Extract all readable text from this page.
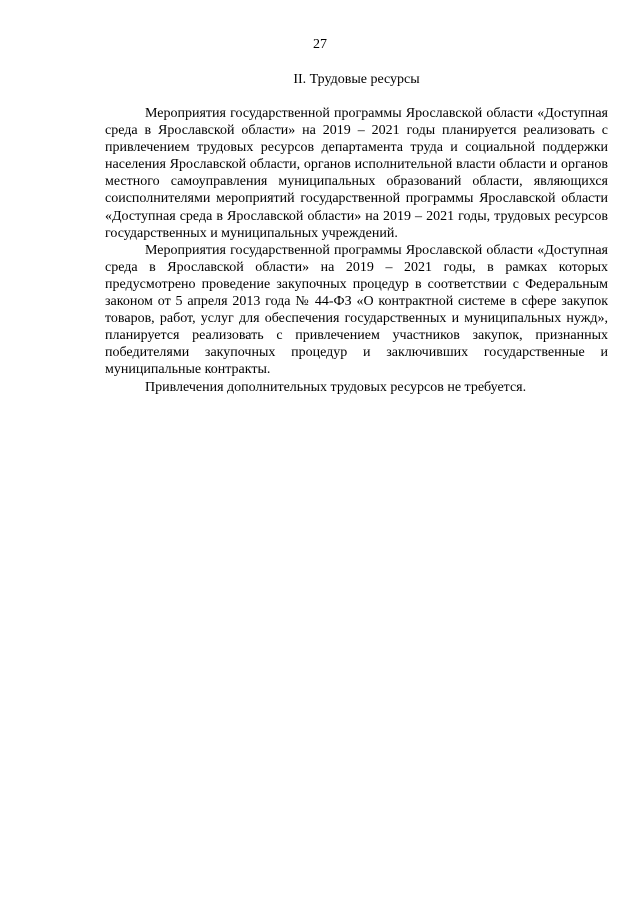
27
II. Трудовые ресурсы

Мероприятия государственной программы Ярославской области «Доступная среда в Ярославской области» на 2019 – 2021 годы планируется реализовать с привлечением трудовых ресурсов департамента труда и социальной поддержки населения Ярославской области, органов исполнительной власти области и органов местного самоуправления муниципальных образований области, являющихся соисполнителями мероприятий государственной программы Ярославской области «Доступная среда в Ярославской области» на 2019 – 2021 годы, трудовых ресурсов государственных и муниципальных учреждений.

Мероприятия государственной программы Ярославской области «Доступная среда в Ярославской области» на 2019 – 2021 годы, в рамках которых предусмотрено проведение закупочных процедур в соответствии с Федеральным законом от 5 апреля 2013 года № 44-ФЗ «О контрактной системе в сфере закупок товаров, работ, услуг для обеспечения государственных и муниципальных нужд», планируется реализовать с привлечением участников закупок, признанных победителями закупочных процедур и заключивших государственные и муниципальные контракты.

Привлечения дополнительных трудовых ресурсов не требуется.
